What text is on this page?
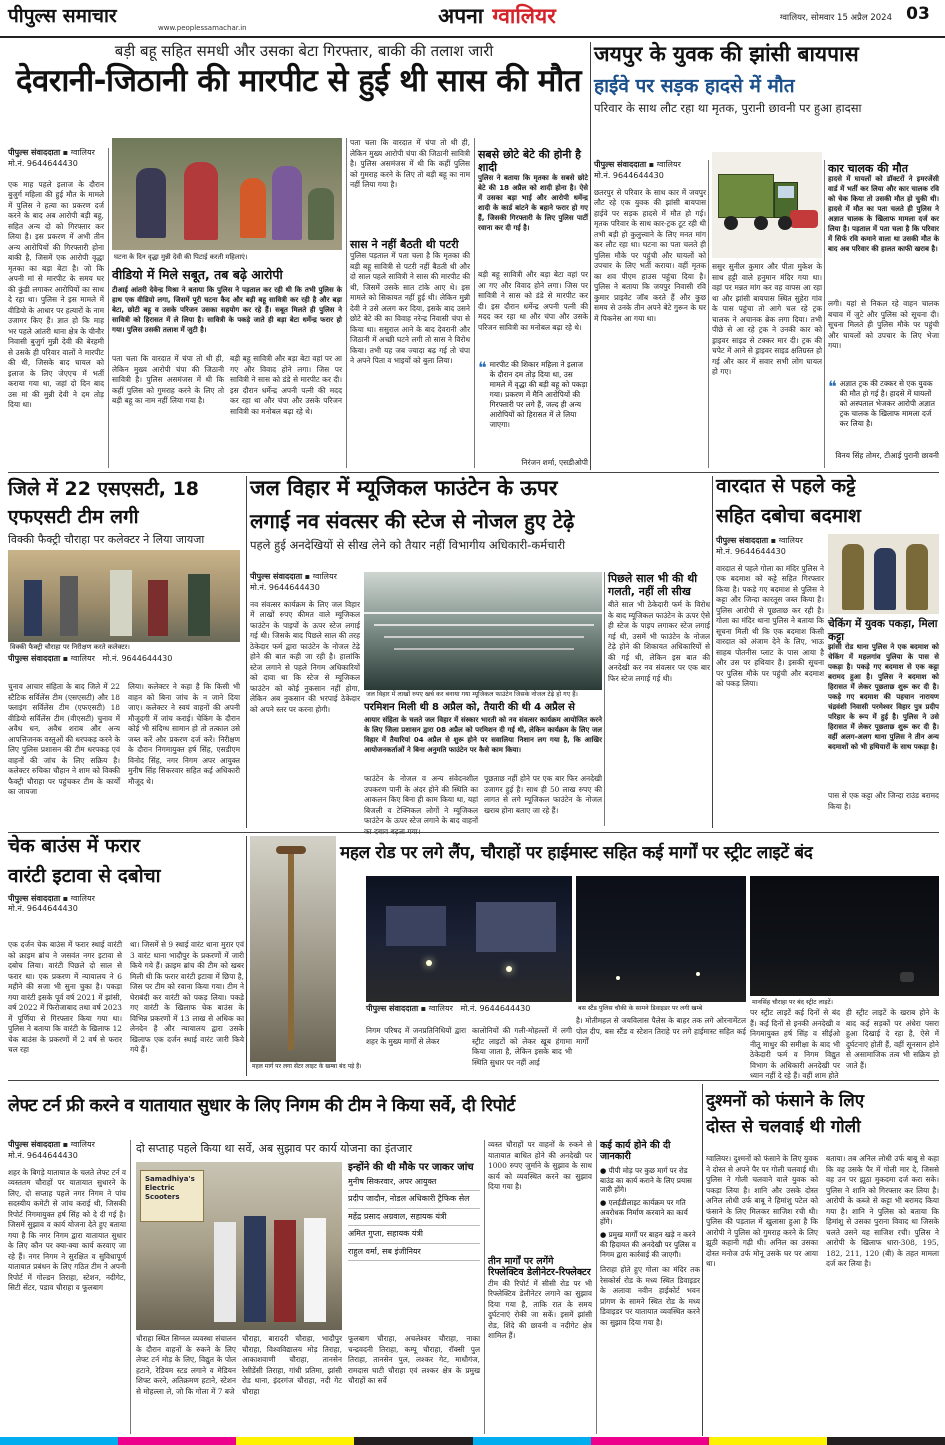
पीपुल्स समाचार
www.peoplessamachar.in	अपना ग्वालियर	ग्वालियर, सोमवार 15 अप्रैल 2024 03
बड़ी बहू सहित समधी और उसका बेटा गिरफ्तार, बाकी की तलाश जारी
देवरानी-जिठानी की मारपीट से हुई थी सास की मौत
पीपुल्स संवाददाता ▪ ग्वालियर
मो.नं. 9644644430
एक माह पहले इलाज के दौरान बुजुर्ग महिला की हुई मौत के मामले में पुलिस ने हत्या का प्रकरण दर्ज करने के बाद अब आरोपी बड़ी बहू, सहित अन्य दो को गिरफ्तार कर लिया है। इस प्रकरण में अभी तीन अन्य आरोपियों की गिरफ्तारी होना बाकी है, जिसमें एक आरोपी वृद्धा मृतका का बड़ा बेटा है। जो कि अपनी मां से मारपीट के समय घर की कुंडी लगाकर आरोपियों का साथ दे रहा था। पुलिस ने इस मामले में वीडियो के आधार पर हत्यारों के नाम उजागर किए हैं। ज्ञात हो कि माह भर पहले आंतरी थाना क्षेत्र के चीनौर निवासी बुजुर्ग मुन्नी देवी की बेरहमी से उसके ही परिवार वालों ने मारपीट की थी, जिसके बाद घायल को इलाज के लिए जेएएच में भर्ती कराया गया था, जहां दो दिन बाद उस मां की मुन्नी देवी ने दम तोड़ दिया था।
घटना के दिन वृद्धा मुन्नी देवी की पिटाई करती महिलाएं।
वीडियो में मिले सबूत, तब बढ़े आरोपी
टीआई आंतरी देवेन्द्र मिश्रा ने बताया कि पुलिस ने पड़ताल कर रही थी कि तभी पुलिस के हाथ एक वीडियो लगा, जिसमें पूरी घटना कैद और बड़ी बहू सावित्री कर रही है और बड़ा बेटा, छोटी बहू व उसके परिजन उसका सहयोग कर रहे हैं। सबूत मिलते ही पुलिस ने सावित्री को हिरासत में ले लिया है। सावित्री के पकड़े जाते ही बड़ा बेटा धर्मेन्द्र फरार हो गया। पुलिस उसकी तलाश में जुटी है।
पता चला कि वारदात में चंपा तो थी ही, लेकिन मुख्य आरोपी चंपा की जिठानी सावित्री है। पुलिस असमंजस में थी कि कहीं पुलिस को गुमराह करने के लिए तो बड़ी बहू का नाम नहीं लिया गया है।
बड़ी बहू सावित्री और बड़ा बेटा वहां पर आ गए और विवाद होने लगा। जिस पर सावित्री ने सास को डंडे से मारपीट कर दी। इस दौरान धर्मेन्द्र अपनी पत्नी की मदद कर रहा था और चंपा और उसके परिजन सावित्री का मनोबल बढ़ा रहे थे।
पता चला कि वारदात में चंपा तो थी ही, लेकिन मुख्य आरोपी चंपा की जिठानी सावित्री है। पुलिस असमंजस में थी कि कहीं पुलिस को गुमराह करने के लिए तो बड़ी बहू का नाम नहीं लिया गया है।
सास ने नहीं बैठती थी पटरी
पुलिस पड़ताल में पता चला है कि मृतका की बड़ी बहू सावित्री से पटरी नहीं बैठती थी और दो साल पहले सावित्री ने सास की मारपीट की थी, जिसमें उसके सात टांके आए थे। इस मामले को सिकायत नहीं हुई थी। लेकिन मुन्नी देवी ने उसे अलग कर दिया, इसके बाद उसने छोटे बेटे की का विवाह नरेन्द्र निवासी चंपा से किया था। ससुराल आने के बाद देवरानी और जिठानी में अच्छी घटने लगी तो सास ने विरोध किया। तभी यह जब ज्यादा बढ़ गई तो चंपा ने अपने पिता व भाइयों को बुला लिया।
सबसे छोटे बेटे की होनी है शादी
पुलिस ने बताया कि मृतका के सबसे छोटे बेटे की 18 अप्रैल को शादी होना है। ऐसे में उसका बड़ा भाई और आरोपी धर्मेन्द्र शादी के कार्ड बांटने के बहाने फरार हो गए हैं, जिसकी गिरफ्तारी के लिए पुलिस पार्टी रवाना कर दी गई है।
बड़ी बहू सावित्री और बड़ा बेटा वहां पर आ गए और विवाद होने लगा। जिस पर सावित्री ने सास को डंडे से मारपीट कर दी। इस दौरान धर्मेन्द्र अपनी पत्नी की मदद कर रहा था और चंपा और उसके परिजन सावित्री का मनोबल बढ़ा रहे थे।
❝ मारपीट की शिकार महिला ने इलाज के दौरान दम तोड़ दिया था, उस मामले में वृद्धा की बड़ी बहू को पकड़ा गया। प्रकरण में मैनि आरोपियों की गिरफ्तारी पर लगे हैं, जल्द ही अन्य आरोपियों को हिरासत में ले लिया जाएगा।
निरंजन शर्मा, एसडीओपी
जयपुर के युवक की झांसी बायपास
हाईवे पर सड़क हादसे में मौत
परिवार के साथ लौट रहा था मृतक, पुरानी छावनी पर हुआ हादसा
पीपुल्स संवाददाता ▪ ग्वालियर
मो.नं. 9644644430
छतरपुर से परिवार के साथ कार में जयपुर लौट रहे एक युवक की झांसी बायपास हाईवे पर सड़क हादसे में मौत हो गई। मृतक परिवार के साथ कार-ट्रक टूट रही थी तभी बड़ी हो कुलुत्त्वाने के लिए मनत मांग कर लौट रहा था। घटना का पता चलते ही पुलिस मौके पर पहुंची और घायलों को उपचार के लिए भर्ती कराया। वहीं मृतक का शव पीएम हाउस पहुंचा दिया है। पुलिस ने बताया कि जयपुर निवासी रवि कुमार प्राइवेट जॉब करते हैं और कुछ समय से उनके तीन अपने बेटे गुरून के घर में पिकनेस आ गया था।
ससुर सुनील कुमार और पीता मुकेश के साथ हट्टी वाले हनुमान मंदिर गया था। वहां पर मन्नत मांग कर वह वापस आ रहा था और झांसी बायपास स्थित सुहेरा गांव के पास पहुंचा तो आगे चल रहे ट्रक चालक ने अचानक ब्रेक लगा दिया। तभी पीछे से आ रहे ट्रक ने उनकी कार को ड्राइवर साइड से टक्कर मार दी। ट्रक की चपेट में आने से ड्राइवर साइड क्षतिग्रस्त हो गई और कार में सवार सभी लोग घायल हो गए।
कार चालक की मौत
हादसे में घायलों को डॉक्टरों ने इमरजेंसी वार्ड में भर्ती कर लिया और कार चालक रवि को चेक किया तो उसकी मौत हो चुकी थी। हादसे में मौत का पता चलते ही पुलिस ने अज्ञात चालक के खिलाफ मामला दर्ज कर लिया है। पड़ताल में पता चला है कि परिवार में सिर्फ रवि कमाने वाला था उसकी मौत के बाद अब परिवार की हालत काफी खराब है।
लगी। यहां से निकल रहे वाहन चालक बचाव में जुटे और पुलिस को सूचना दी। सूचना मिलते ही पुलिस मौके पर पहुंची और घायलों को उपचार के लिए भेजा गया।
❝ अज्ञात ट्रक की टक्कर से एक युवक की मौत हो गई है। हादसे में घायलों को अस्पताल भेजकर आरोपी अज्ञात ट्रक चालक के खिलाफ मामला दर्ज कर लिया है।
विनय सिंह तोमर, टीआई पुरानी छावनी
जिले में 22 एसएसटी, 18 एफएसटी टीम लगी
विक्की फैक्ट्री चौराहा पर कलेक्टर ने लिया जायजा
विक्की फैक्ट्री चौराहा पर निरीक्षण करते कलेक्टर।
पीपुल्स संवाददाता ▪ ग्वालियर मो.नं. 9644644430
चुनाव आचार संहिता के बाद जिले में 22 स्टैटिक सर्विलेंस टीम (एसएसटी) और 18 फ्लाइंग सर्विलेंस टीम (एफएसटी) 18 वीडियो सर्विलेंस टीम (वीएसटी) चुनाव में अवैध धन, अवैध शराब और अन्य आपत्तिजनक वस्तुओं की धरपकड़ करने के लिए पुलिस प्रशासन की टीम धरपकड़ एवं वाहनों की जांच के लिए सक्रिय है। कलेक्टर रुचिका चौहान ने शाम को विक्की फैक्ट्री चौराहा पर पहुंचकर टीम के कार्यों का जायजा
लिया। कलेक्टर ने कहा है कि किसी भी वाहन को बिना जांच के न जाने दिया जाए। कलेक्टर ने स्वयं वाहनों की अपनी मौजूदगी में जांच कराई। चेकिंग के दौरान कोई भी संदिग्ध सामान हो तो तत्काल उसे जब्त करें और प्रकरण दर्ज करें। निरीक्षण के दौरान निगमायुक्त हर्ष सिंह, एसडीएम विनोद सिंह, नगर निगम अपर आयुक्त मुनीष सिंह सिकरवार सहित कई अधिकारी मौजूद थे।
जल विहार में म्यूजिकल फाउंटेन के ऊपर
लगाई नव संवत्सर की स्टेज से नोजल हुए टेढ़े
पहले हुई अनदेखियों से सीख लेने को तैयार नहीं विभागीय अधिकारी-कर्मचारी
पीपुल्स संवाददाता ▪ ग्वालियर
मो.नं. 9644644430
नव संवत्सर कार्यक्रम के लिए जल विहार में लाखों रुपए कीमत वाले म्यूजिकल फाउंटेन के पाइपों के ऊपर स्टेज लगाई गई थी। जिसके बाद पिछले साल की तरह ठेकेदार फर्म द्वारा फाउंटेन के नोजल टेढ़े होने की बात कही जा रही है। हालांकि स्टेज लगाने से पहले निगम अधिकारियों को दावा था कि स्टेज से म्यूजिकल फाउंटेन को कोई नुकसान नहीं होगा, लेकिन अब नुकसान की भरपाई ठेकेदार को अपने स्तर पर करना होगी।
जल विहार में लाखों रुपए खर्च कर बनाया गया म्यूजिकल फाउंटेन जिसके नोजल टेढ़े हो गए हैं।
परमिशन मिली थी 8 अप्रैल को, तैयारी की थी 4 अप्रैल से
आयार संहिता के चलते जल विहार में संस्कार भारती को नव संवत्सर कार्यक्रम आयोजित करने के लिए जिला प्रशासन द्वारा 08 अप्रैल को परमिशन दी गई थी, लेकिन कार्यक्रम के लिए जल विहार में तैयारियां 04 अप्रैल से शुरू होने पर सवालिया निशान लग गया है, कि आखिर आयोजनकर्ताओं ने बिना अनुमति फाउंटेन पर कैसे काम किया।
फाउंटेन के नोजल व अन्य संवेदनशील उपकरण पानी के अंदर होने की स्थिति का आकलन किए बिना ही काम किया था, यहां बिजली व टेक्निकल लोगों ने म्यूजिकल फाउंटेन के ऊपर स्टेज लगाने के बाद वाहनों
पूछताछ नहीं होने पर एक बार फिर अनदेखी उजागर हुई है। साथ ही 50 लाख रुपए की लागत से लगे म्यूजिकल फाउंटेन के नोजल खराब होना बताए जा रहे हैं।
पिछले साल भी की थी गलती, नहीं ली सीख
बीते साल भी ठेकेदारी फर्म के विरोध के बाद म्यूजिकल फाउंटेन के ऊपर ऐसे ही स्टेज के पाइप लगाकर स्टेज लगाई गई थी, उसमें भी फाउंटेन के नोजल टेढ़े होने की शिकायत अधिकारियों से की गई थी, लेकिन इस बात की अनदेखी कर नव संवत्सर पर एक बार फिर स्टेज लगाई गई थी।
वारदात से पहले कट्टे
सहित दबोचा बदमाश
पीपुल्स संवाददाता ▪ ग्वालियर
मो.नं. 9644644430
वारदात से पहले गोला का मंदिर पुलिस ने एक बदमाश को कट्टे सहित गिरफ्तार किया है। पकड़े गए बदमाश से पुलिस ने कट्टा और जिन्दा कारतूस जब्त किया है। पुलिस आरोपी से पूछताछ कर रही है। गोला का मंदिर थाना पुलिस ने बताया कि सूचना मिली थी कि एक बदमाश किसी वारदात को अंजाम देने के लिए, भाऊ साहब पोतनीस प्लाट के पास आया है और उस पर हथियार है। इसकी सूचना पर पुलिस मौके पर पहुंची और बदमाश को पकड़ लिया।
चेकिंग में युवक पकड़ा, मिला कट्टा
झांसी रोड थाना पुलिस ने एक बदमाश को चेकिंग में महलगांव पुलिया के पास से पकड़ा है। पकड़े गए बदमाश से एक कट्टा बरामद हुआ है। पुलिस ने बदमाश को हिरासत में लेकर पूछताछ शुरू कर दी है। पकड़े गए बदमाश की पहचान नारायण चंद्रवंशी निवासी परमेश्वर विहार पुत्र प्रदीप परिहार के रूप में हुई है। पुलिस ने उसे हिरासत में लेकर पूछताछ शुरू कर दी है। वहीं अलग-अलग थाना पुलिस ने तीन अन्य बदमाशों को भी हथियारों के साथ पकड़ा है।
पास से एक कट्टा और जिन्दा राउंड बरामद किया है।
चेक बाउंस में फरार
वारंटी इटावा से दबोचा
पीपुल्स संवाददाता ▪ ग्वालियर
मो.नं. 9644644430
एक दर्जन चेक बाउंस में फरार स्थाई वारंटी को क्राइम ब्रांच ने जसवंत नगर इटावा से दबोच लिया। वारंटी पिछले दो साल से फरार था। एक प्रकरण में न्यायालय ने 6 महीने की सजा भी सुना चुका है। पकड़ा गया वारंटी इसके पूर्व वर्ष 2021 में झांसी, वर्ष 2022 में फिरोजाबाद तथा वर्ष 2023 में पूर्णिया से गिरफ्तार किया गया था। पुलिस ने बताया कि वारंटी के खिलाफ 12 चेक बाउंस के प्रकरणों में 2 वर्ष से फरार चल रहा
था। जिसमें से 9 स्थाई वारंट थाना मुरार एवं 3 वारंट थाना भादौपुर के प्रकरणों में जारी किये गये हैं। क्राइम ब्रांच की टीम को खबर मिली थी कि फरार वारंटी इटावा में छिपा है, जिस पर टीम को रवाना किया गया। टीम ने घेराबंदी कर वारंटी को पकड़ लिया। पकड़े गए वारंटी के खिलाफ चेक बाउंस के विभिन्न प्रकरणों में 13 लाख से अधिक का लेनदेन है और न्यायालय द्वारा उसके खिलाफ एक दर्जन स्थाई वारंट जारी किये गये हैं।
महल रोड पर लगे लैंप, चौराहों पर हाईमास्ट सहित कई मार्गों पर स्ट्रीट लाइटें बंद
महल मार्ग पर लगा सेंटर लाइट के खम्बा बंद पड़े हैं।
मानसिंह चौराहा पर बंद स्ट्रीट लाइटें।
पीपुल्स संवाददाता ▪ ग्वालियर मो.नं. 9644644430	बस स्टैंड पुलिस चौकी के सामने डिवाइडर पर लगी खम्बे
निगम परिषद में जनप्रतिनिधियों द्वारा शहर के मुख्य मार्गों से लेकर
कालोनियों की गली-मोहल्लों में लगी स्ट्रीट लाइटों को लेकर खूब हंगामा किया जाता है, लेकिन इसके बाद भी स्थिति सुधार पर नहीं आई
है। मोतीमहल से जयविलास पैलेस के बाहर तक लगे ओरनामेंटल पोल दीप, बस स्टैंड व स्टेशन तिराहे पर लगे हाईमास्ट सहित कई मार्गों
पर स्ट्रीट लाइटें कई दिनों से बंद हैं। कई दिनों से इनकी अनदेखी व निगमायुक्त हर्ष सिंह व सीईओ नीतू माथुर की समीक्षा के बाद भी ठेकेदारी फर्म व निगम विद्युत विभाग के अधिकारी अनदेखी पर ध्यान नहीं दे रहे हैं। वहीं शाम होते
ही स्ट्रीट लाइटें के खराब होने के बाद कई सड़कों पर अंधेरा पसरा हुआ दिखाई दे रहा है, ऐसे में दुर्घटनाएं होती हैं, वहीं सूनसान होने से असामाजिक तत्व भी सक्रिय हो जाते हैं।
लेफ्ट टर्न फ्री करने व यातायात सुधार के लिए निगम की टीम ने किया सर्वे, दी रिपोर्ट
पीपुल्स संवाददाता ▪ ग्वालियर
मो.नं. 9644644430
शहर के बिगड़े यातायात के चलते लेफ्ट टर्न व व्यस्ततम चौराहों पर यातायात सुधारने के लिए, दो सप्ताह पहले नगर निगम ने पांच सदस्यीय कमेटी से जांच कराई थी, जिसकी रिपोर्ट निगमायुक्त हर्ष सिंह को दे दी गई है। जिसमें सुझाव व कार्य योजना देते हुए बताया गया है कि नगर निगम द्वारा यातायात सुधार के लिए कौन पर क्या-क्या कार्य करवाए जा रहे हैं। नगर निगम ने सुरक्षित व सुविधापूर्ण यातायात प्रबंधन के लिए गठित टीम ने अपनी रिपोर्ट में गोल्डन तिराहा, स्टेशन, नदीगेट, सिटी सेंटर, पडाव चौराहा व फूलबाग
दो सप्ताह पहले किया था सर्वे, अब सुझाव पर कार्य योजना का इंतजार
Samadhiya's Electric Scooters
इन्होंने की थी मौके पर जाकर जांच
मुनीष सिकरवार, अपर आयुक्त
प्रदीप जादौन, नोडल अधिकारी ट्रैफिक सेल
महेंद्र प्रसाद अग्रवाल, सहायक यंत्री
अमित गुप्ता, सहायक यंत्री
राहुल वर्मा, सब इंजीनियर
चौराहा स्थित सिग्नल व्यवस्था संचालन के दौरान वाहनों के रुकने के लिए लेफ्ट टर्न मोड़ के लिए, विद्युत के पोल हटाने, रेडियम स्टड लगाने व मेडियन शिफ्ट करने, अतिक्रमण हटाने, स्टेशन से मोहल्ला ले, जो कि गोला में 7 बजे
चौराहा, बारादरी चौराहा, भादौपुर चौराहा, विश्वविद्यालय मोड़ तिराहा, आकाशवाणी चौराहा, तानसेन रेसीडेंसी तिराहा, गांधी प्रतिमा, झांसी रोड थाना, इंदरगंज चौराहा, नदी गेट चौराहा
फूलबाग चौराहा, अचलेश्वर चौराहा, नाका चन्द्रवदनी तिराहा, कम्पू चौराहा, रॉक्सी पुल तिराहा, तानसेन पुल, लश्कर गेट, माधौगंज, रामदास घाटी चौराहा एवं लश्कर क्षेत्र के प्रमुख चौराहों का सर्वे
व्यस्त चौराहों पर वाहनों के रुकने से यातायात बाधित होने की अनदेखी पर 1000 रुपए जुर्माने के सुझाव के साथ कार्य को व्यवस्थित करने का सुझाव दिया गया है।
तीन मार्गों पर लगेंगे रिफ्लेक्टिव डेलीनेटर-रिफ्लेक्टर
टीम की रिपोर्ट में सीसी रोड पर भी रिफ्लेक्टिव डेलीनेटर लगाने का सुझाव दिया गया है, ताकि रात के समय दुर्घटनाएं रोकी जा सकें। इसमें झांसी रोड, शिंदे की छावनी व नदीगेट क्षेत्र शामिल हैं।
कई कार्य होने की दी जानकारी
● पीपी मोड़ पर कुछ मार्ग पर रोड बाउंड का कार्य कराने के लिए प्रयास जारी होंगे।
● एलईडीलाइट कार्यक्रम पर गति अवरोधक निर्माण करवाने का कार्य होंगे।
● प्रमुख मार्गों पर बाहन खड़े न करने की हिदायत की अनदेखी पर पुलिस व निगम द्वारा कार्रवाई की जाएगी।
तिराहा होते हुए गोला का मंदिर तक रेसकोर्स रोड के मध्य स्थित डिवाइडर के अलावा नवीन हाईकोर्ट भवन प्रांगण के सामने स्थित रोड के मध्य डिवाइडर पर यातायात व्यवस्थित करने का सुझाव दिया गया है।
दुश्मनों को फंसाने के लिए
दोस्त से चलवाई थी गोली
ग्वालियर। दुश्मनों को फंसाने के लिए युवक ने दोस्त से अपने पैर पर गोली चलवाई थी। पुलिस ने गोली चलवाने वाले युवक को पकड़ा लिया है। शानि और उसके दोस्त अनिल लोधी उर्फ बाबू ने हिमांशु पटेल को फंसाने के लिए मिलकर साजिश रची थी। पुलिस की पड़ताल में खुलासा हुआ है कि आरोपी ने पुलिस को गुमराह करने के लिए झूठी कहानी गढ़ी थी। अनिल का उसका दोस्त मनोज उर्फ मोनू उसके घर पर आया था।
बताया। तब अनिल लोधी उर्फ बाबू से कहा कि वह उसके पैर में गोली मार दे, जिससे वह उन पर झूठा मुकदमा दर्ज करा सके। पुलिस ने शानि को गिरफ्तार कर लिया है। आरोपी के कब्जे से कट्टा भी बरामद किया गया है। शानि ने पुलिस को बताया कि हिमांशु से उसका पुराना विवाद था जिसके चलते उसने यह साजिश रची। पुलिस ने आरोपी के खिलाफ धारा-308, 195, 182, 211, 120 (बी) के तहत मामला दर्ज कर लिया है।
